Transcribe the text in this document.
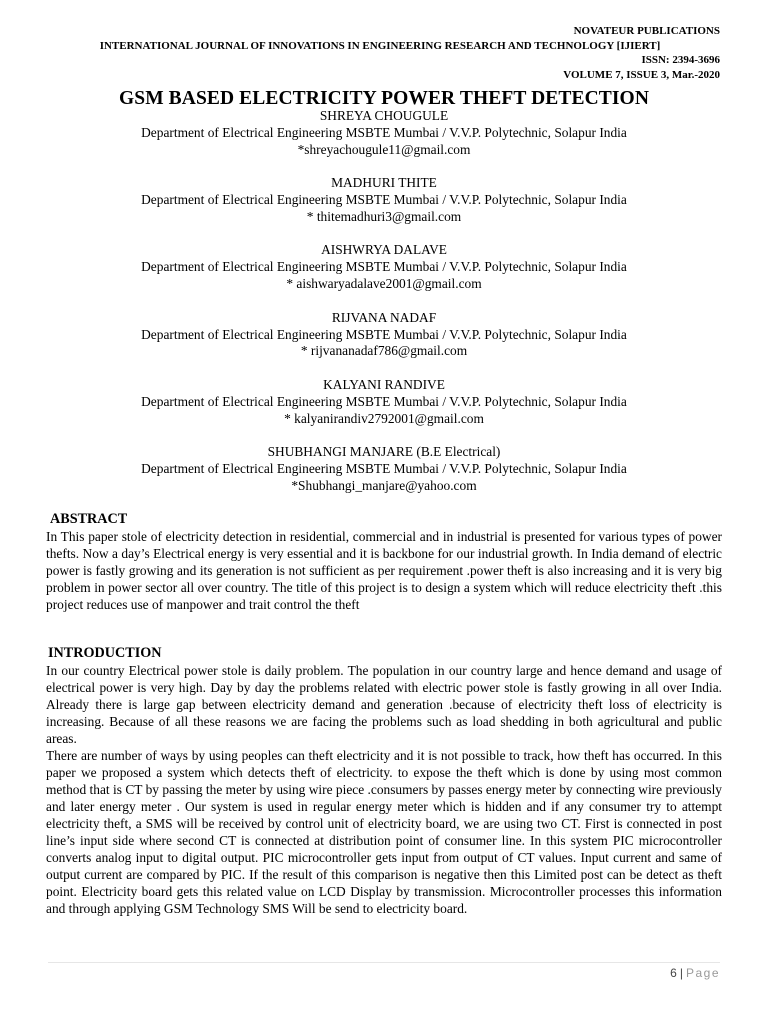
NOVATEUR PUBLICATIONS
INTERNATIONAL JOURNAL OF INNOVATIONS IN ENGINEERING RESEARCH AND TECHNOLOGY [IJIERT]
ISSN: 2394-3696
VOLUME 7, ISSUE 3, Mar.-2020
GSM BASED ELECTRICITY POWER THEFT DETECTION
SHREYA CHOUGULE
Department of Electrical Engineering MSBTE Mumbai / V.V.P. Polytechnic, Solapur India
*shreyachougule11@gmail.com
MADHURI THITE
Department of Electrical Engineering MSBTE Mumbai / V.V.P. Polytechnic, Solapur India
* thitemadhuri3@gmail.com
AISHWRYA DALAVE
Department of Electrical Engineering MSBTE Mumbai / V.V.P. Polytechnic, Solapur India
* aishwaryadalave2001@gmail.com
RIJVANA NADAF
Department of Electrical Engineering MSBTE Mumbai / V.V.P. Polytechnic, Solapur India
* rijvananadaf786@gmail.com
KALYANI RANDIVE
Department of Electrical Engineering MSBTE Mumbai / V.V.P. Polytechnic, Solapur India
* kalyanirandiv2792001@gmail.com
SHUBHANGI MANJARE (B.E Electrical)
Department of Electrical Engineering MSBTE Mumbai / V.V.P. Polytechnic, Solapur India
*Shubhangi_manjare@yahoo.com
ABSTRACT

In This paper stole of electricity detection in residential, commercial and in industrial is presented for various types of power thefts. Now a day’s Electrical energy is very essential and it is backbone for our industrial growth. In India demand of electric power is fastly growing and its generation is not sufficient as per requirement .power theft is also increasing and it is very big problem in power sector all over country. The title of this project is to design a system which will reduce electricity theft .this project reduces use of manpower and trait control the theft

INTRODUCTION

In our country Electrical power stole is daily problem. The population in our country large and hence demand and usage of electrical power is very high. Day by day the problems related with electric power stole is fastly growing in all over India. Already there is large gap between electricity demand and generation .because of electricity theft loss of electricity is increasing. Because of all these reasons we are facing the problems such as load shedding in both agricultural and public areas.

There are number of ways by using peoples can theft electricity and it is not possible to track, how theft has occurred. In this paper we proposed a system which detects theft of electricity. to expose the theft which is done by using most common method that is CT by passing the meter by using wire piece .consumers by passes energy meter by connecting wire previously and later energy meter . Our system is used in regular energy meter which is hidden and if any consumer try to attempt electricity theft, a SMS will be received by control unit of electricity board, we are using two CT. First is connected in post line’s input side where second CT is connected at distribution point of consumer line. In this system PIC microcontroller converts analog input to digital output. PIC microcontroller gets input from output of CT values. Input current and same of output current are compared by PIC. If the result of this comparison is negative then this Limited post can be detect as theft point. Electricity board gets this related value on LCD Display by transmission. Microcontroller processes this information and through applying GSM Technology SMS Will be send to electricity board.

6 | Page
